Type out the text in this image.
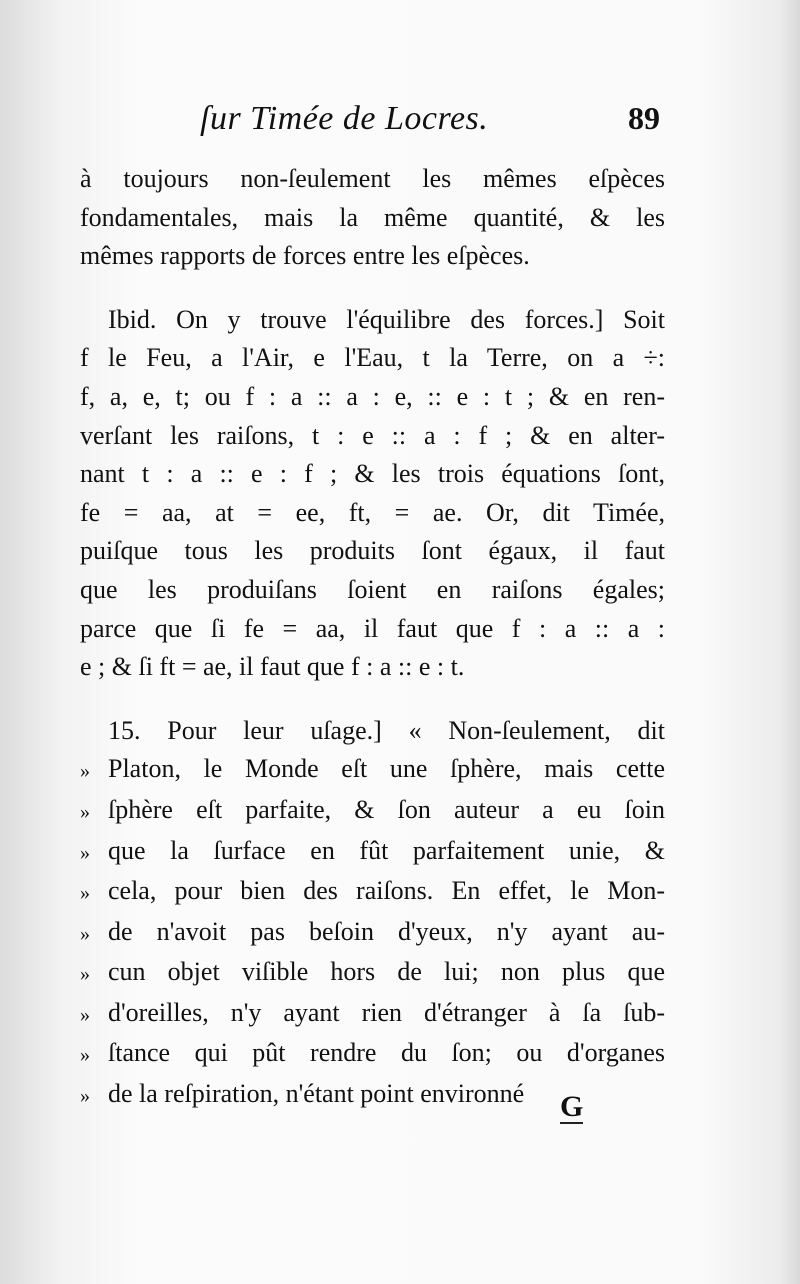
ſur Timée de Locres.	89
à toujours non-ſeulement les mêmes eſpèces
fondamentales, mais la même quantité, & les
mêmes rapports de forces entre les eſpèces.
Ibid. On y trouve l'équilibre des forces.] Soit
f le Feu, a l'Air, e l'Eau, t la Terre, on a ÷:
f, a, e, t; ou f : a :: a : e, :: e : t ; & en ren-
verſant les raiſons, t : e :: a : f ; & en alter-
nant t : a :: e : f ; & les trois équations ſont,
fe = aa, at = ee, ft, = ae. Or, dit Timée,
puiſque tous les produits ſont égaux, il faut
que les produiſans ſoient en raiſons égales;
parce que ſi fe = aa, il faut que f : a :: a :
e ; & ſi ft = ae, il faut que f : a :: e : t.
15. Pour leur uſage.] « Non-ſeulement, dit
» Platon, le Monde eſt une ſphère, mais cette
» ſphère eſt parfaite, & ſon auteur a eu ſoin
» que la ſurface en fût parfaitement unie, &
» cela, pour bien des raiſons. En effet, le Mon-
» de n'avoit pas beſoin d'yeux, n'y ayant au-
» cun objet viſible hors de lui; non plus que
» d'oreilles, n'y ayant rien d'étranger à ſa ſub-
» ſtance qui pût rendre du ſon; ou d'organes
» de la reſpiration, n'étant point environné	G
